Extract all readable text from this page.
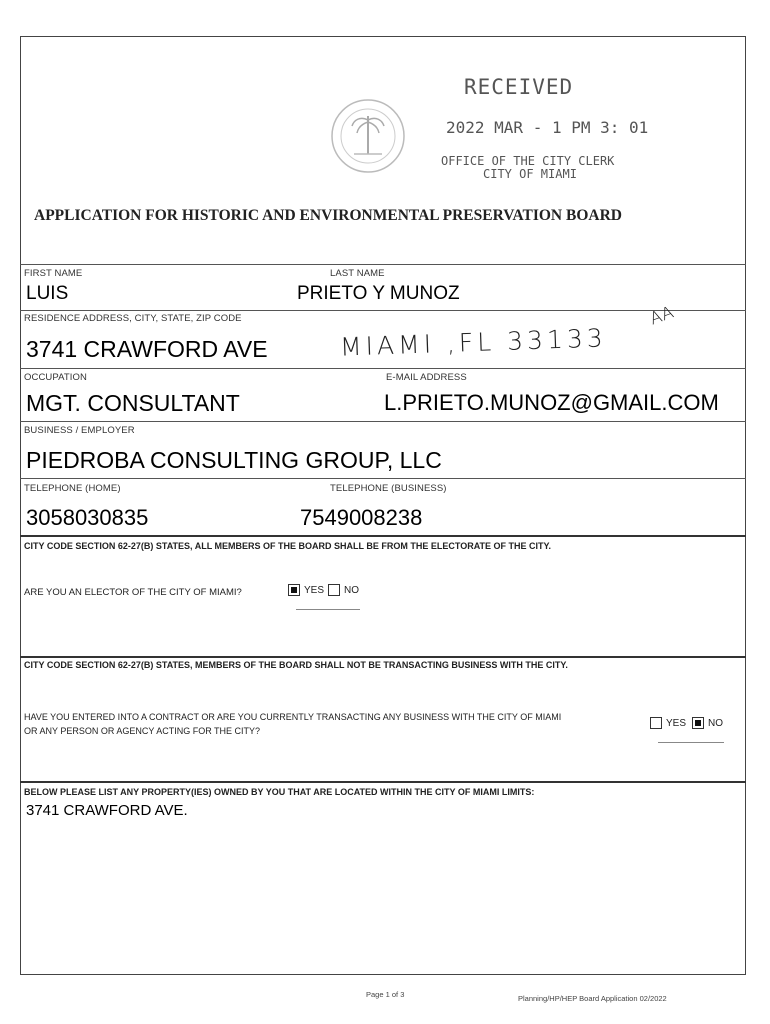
RECEIVED
2022 MAR - 1 PM 3: 01
OFFICE OF THE CITY CLERK
CITY OF MIAMI
APPLICATION FOR HISTORIC AND ENVIRONMENTAL PRESERVATION BOARD
FIRST NAME
LUIS
LAST NAME
PRIETO Y MUNOZ
RESIDENCE ADDRESS, CITY, STATE, ZIP CODE
3741 CRAWFORD AVE	MIAMI ,FL 33133
AA
OCCUPATION
MGT. CONSULTANT
E-MAIL ADDRESS
L.PRIETO.MUNOZ@GMAIL.COM
BUSINESS / EMPLOYER
PIEDROBA CONSULTING GROUP, LLC
TELEPHONE (HOME)
3058030835
TELEPHONE (BUSINESS)
7549008238
CITY CODE SECTION 62-27(B) STATES, ALL MEMBERS OF THE BOARD SHALL BE FROM THE ELECTORATE OF THE CITY.
ARE YOU AN ELECTOR OF THE CITY OF MIAMI?	YES NO
CITY CODE SECTION 62-27(B) STATES, MEMBERS OF THE BOARD SHALL NOT BE TRANSACTING BUSINESS WITH THE CITY.
HAVE YOU ENTERED INTO A CONTRACT OR ARE YOU CURRENTLY TRANSACTING ANY BUSINESS WITH THE CITY OF MIAMI
OR ANY PERSON OR AGENCY ACTING FOR THE CITY?
YES NO
BELOW PLEASE LIST ANY PROPERTY(IES) OWNED BY YOU THAT ARE LOCATED WITHIN THE CITY OF MIAMI LIMITS:
3741 CRAWFORD AVE.
Page 1 of 3	Planning/HP/HEP Board Application 02/2022
